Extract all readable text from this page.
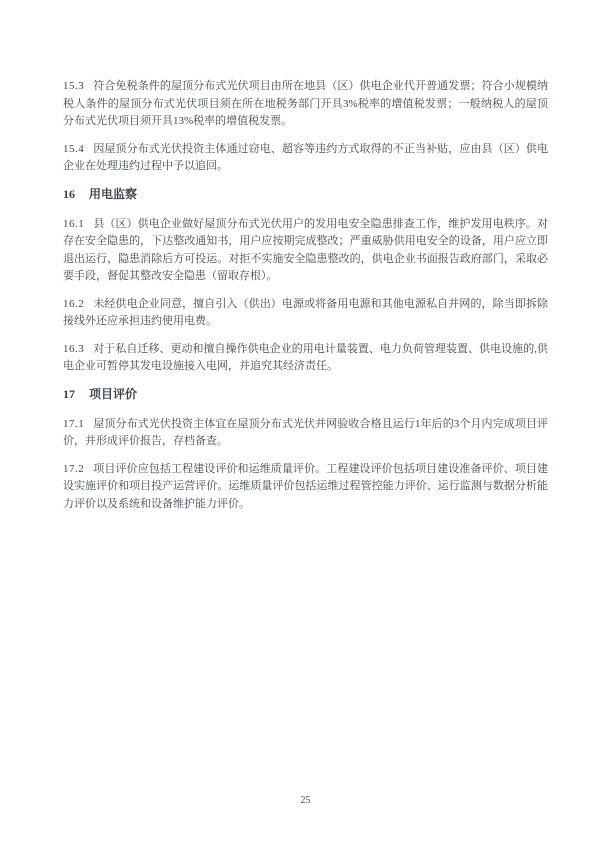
15.3 符合免税条件的屋顶分布式光伏项目由所在地县（区）供电企业代开普通发票；符合小规模纳税人条件的屋顶分布式光伏项目须在所在地税务部门开具3%税率的增值税发票；一般纳税人的屋顶分布式光伏项目须开具13%税率的增值税发票。

15.4 因屋顶分布式光伏投资主体通过窃电、超容等违约方式取得的不正当补贴，应由县（区）供电企业在处理违约过程中予以追回。

16 用电监察

16.1 县（区）供电企业做好屋顶分布式光伏用户的发用电安全隐患排查工作，维护发用电秩序。对存在安全隐患的，下达整改通知书，用户应按期完成整改；严重威胁供用电安全的设备，用户应立即退出运行，隐患消除后方可投运。对拒不实施安全隐患整改的，供电企业书面报告政府部门，采取必要手段，督促其整改安全隐患（留取存根）。

16.2 未经供电企业同意，擅自引入（供出）电源或将备用电源和其他电源私自并网的，除当即拆除接线外还应承担违约使用电费。

16.3 对于私自迁移、更动和擅自操作供电企业的用电计量装置、电力负荷管理装置、供电设施的,供电企业可暂停其发电设施接入电网，并追究其经济责任。

17 项目评价

17.1 屋顶分布式光伏投资主体宜在屋顶分布式光伏并网验收合格且运行1年后的3个月内完成项目评价，并形成评价报告，存档备查。

17.2 项目评价应包括工程建设评价和运维质量评价。工程建设评价包括项目建设准备评价、项目建设实施评价和项目投产运营评价。运维质量评价包括运维过程管控能力评价、运行监测与数据分析能力评价以及系统和设备维护能力评价。

25
